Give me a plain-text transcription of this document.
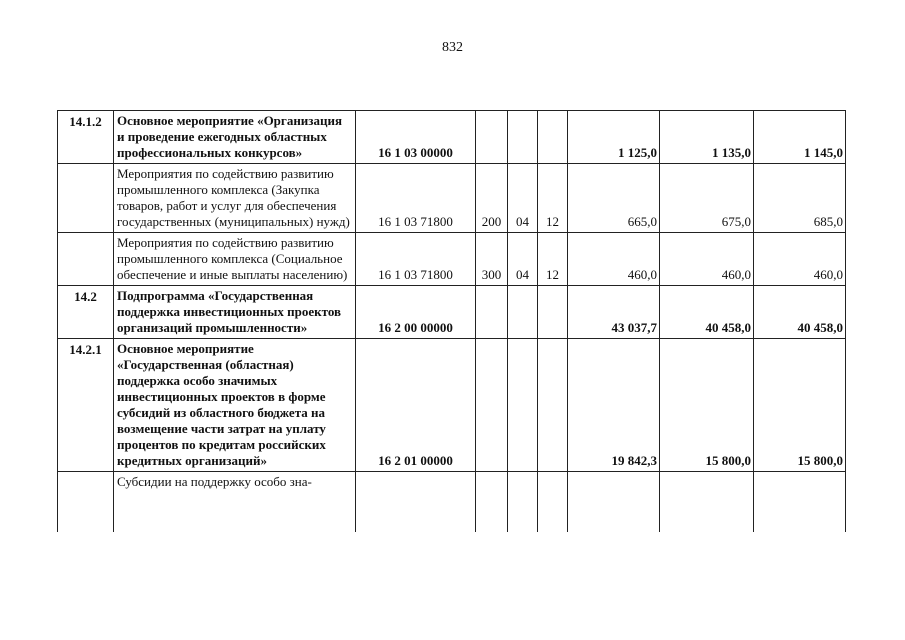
832
14.1.2	Основное мероприятие «Организация и проведение ежегодных областных профессиональных конкурсов»	16 1 03 00000				1 125,0	1 135,0	1 145,0
	Мероприятия по содействию развитию промышленного комплекса (Закупка товаров, работ и услуг для обеспечения государственных (муниципальных) нужд)	16 1 03 71800	200	04	12	665,0	675,0	685,0
	Мероприятия по содействию развитию промышленного комплекса (Социальное обеспечение и иные выплаты населению)	16 1 03 71800	300	04	12	460,0	460,0	460,0
14.2	Подпрограмма «Государственная поддержка инвестиционных проектов организаций промышленности»	16 2 00 00000				43 037,7	40 458,0	40 458,0
14.2.1	Основное мероприятие «Государственная (областная) поддержка особо значимых инвестиционных проектов в форме субсидий из областного бюджета на возмещение части затрат на уплату процентов по кредитам российских кредитных организаций»	16 2 01 00000				19 842,3	15 800,0	15 800,0
	Субсидии на поддержку особо зна-							
